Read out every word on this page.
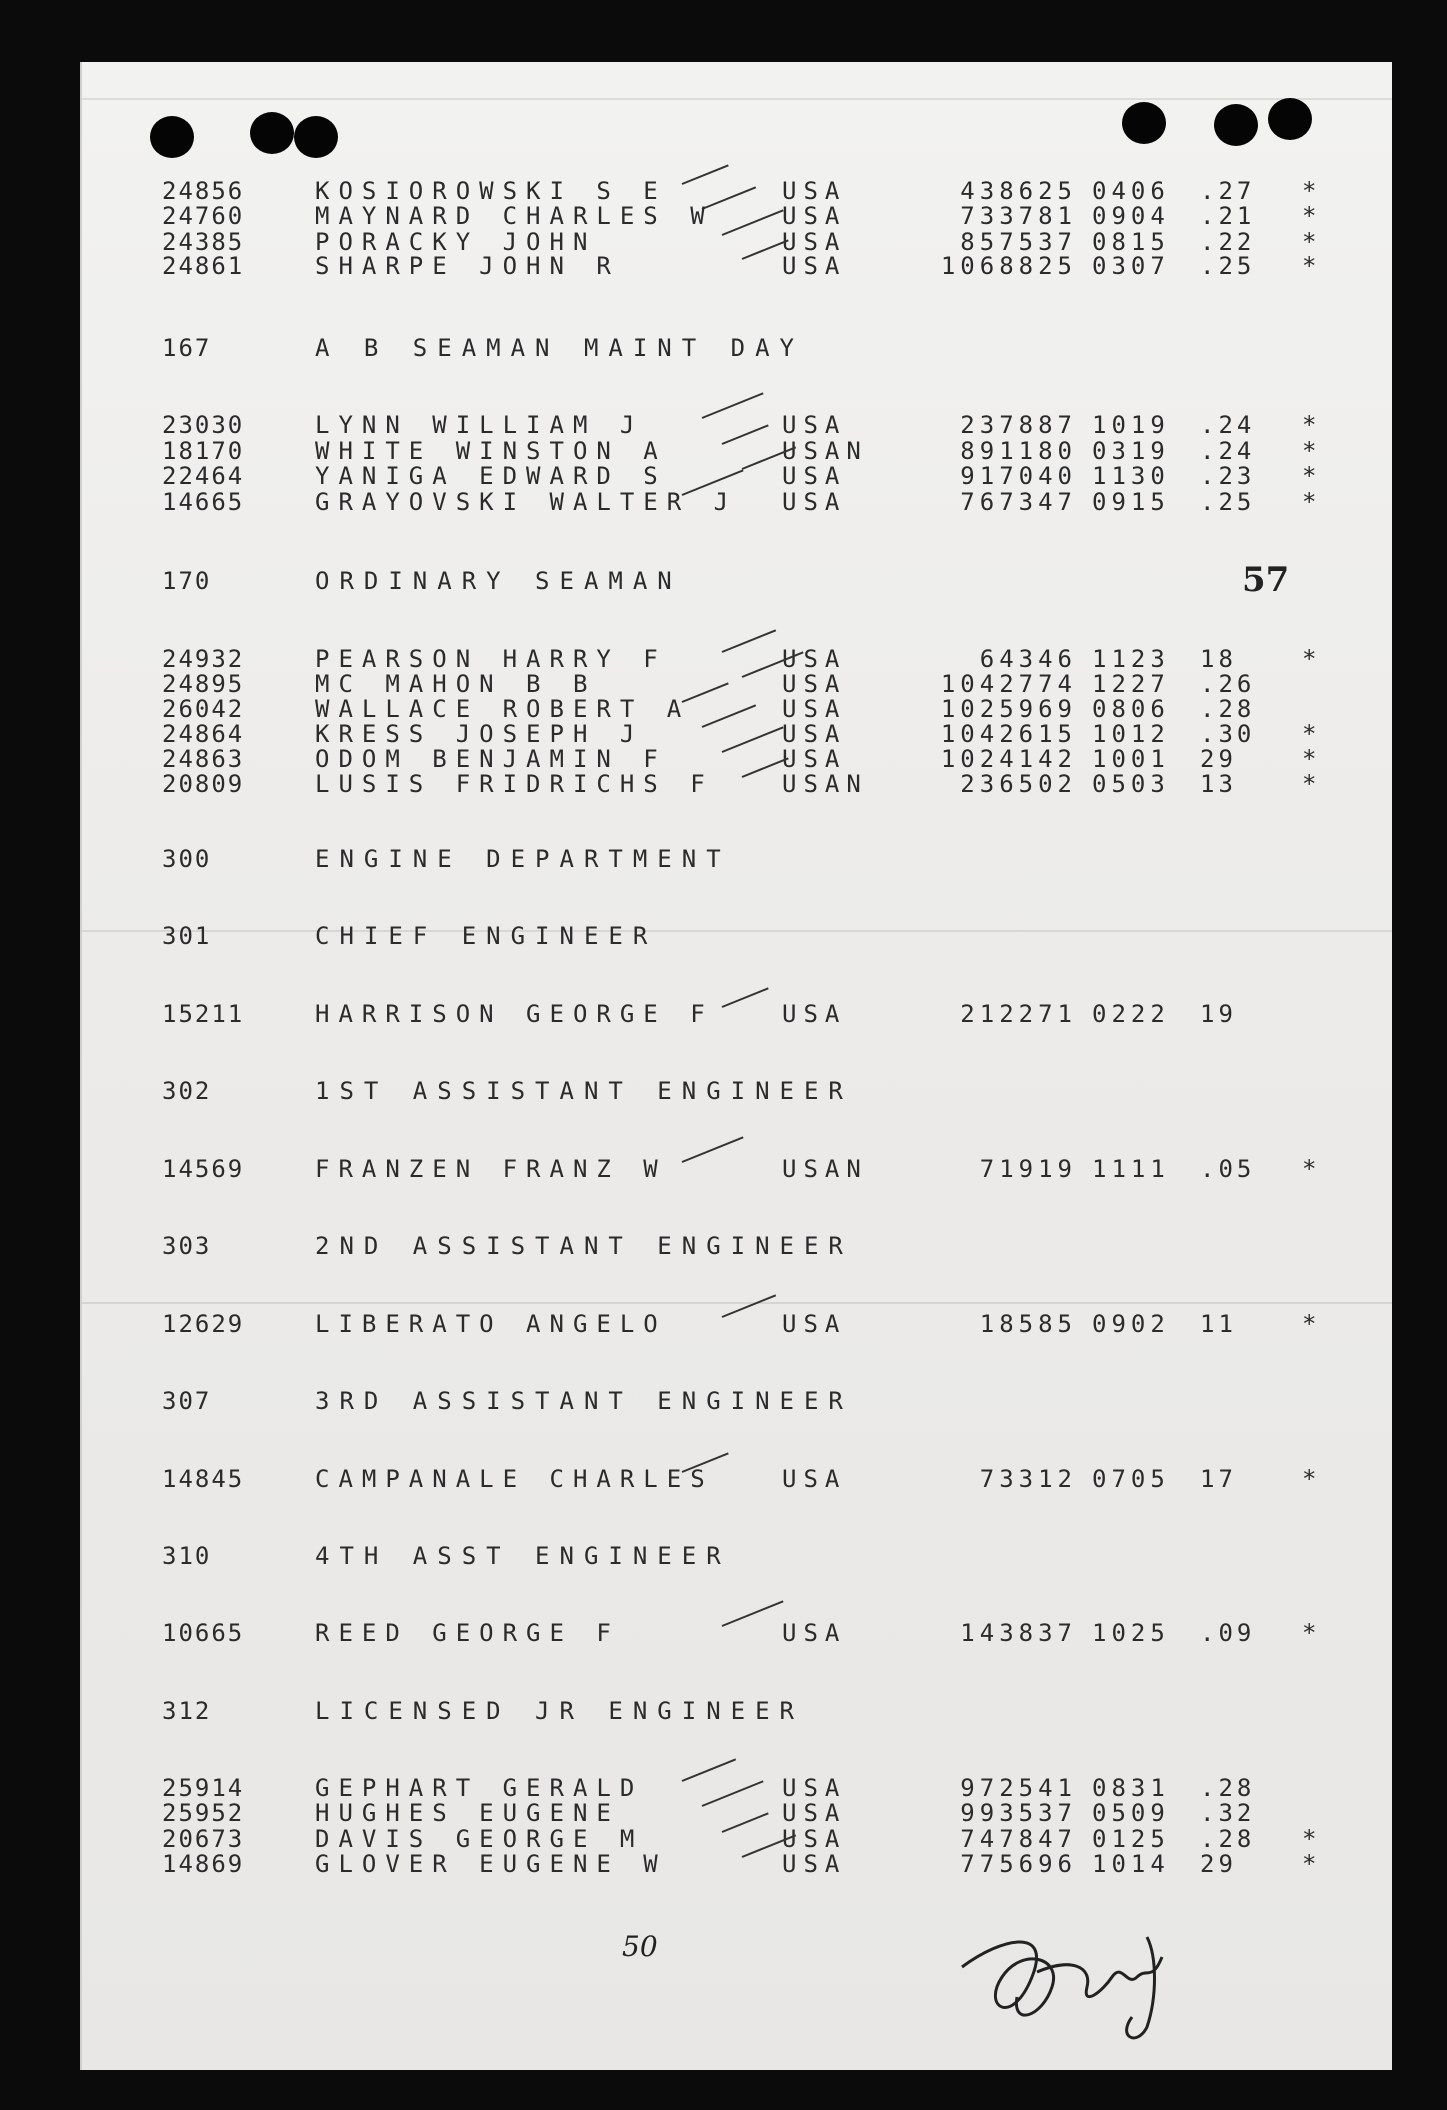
24856	KOSIOROWSKI S E	USA	438625 0406 .27 *
24760	MAYNARD CHARLES W	USA	733781 0904 .21 *
24385	PORACKY JOHN	USA	857537 0815 .22 *
24861	SHARPE JOHN R	USA	1068825 0307 .25 *
167	A B SEAMAN MAINT DAY
23030	LYNN WILLIAM J	USA	237887 1019 .24 *
18170	WHITE WINSTON A	USAN	891180 0319 .24 *
22464	YANIGA EDWARD S	USA	917040 1130 .23 *
14665	GRAYOVSKI WALTER J USA	767347 0915 .25 *
170	ORDINARY SEAMAN
24932	PEARSON HARRY F	USA	64346 1123 18	*
24895	MC MAHON B B	USA	1042774 1227 .26
26042	WALLACE ROBERT A	USA	1025969 0806 .28
24864	KRESS JOSEPH J	USA	1042615 1012 .30 *
24863	ODOM BENJAMIN F	USA	1024142 1001 29	*
20809	LUSIS FRIDRICHS F	USAN	236502 0503 13	*
300	ENGINE DEPARTMENT
301	CHIEF ENGINEER
15211	HARRISON GEORGE F	USA	212271 0222 19
302	1ST ASSISTANT ENGINEER
14569	FRANZEN FRANZ W	USAN	71919 1111 .05 *
303	2ND ASSISTANT ENGINEER
12629	LIBERATO ANGELO	USA	18585 0902 11	*
307	3RD ASSISTANT ENGINEER
14845	CAMPANALE CHARLES	USA	73312 0705 17	*
310	4TH ASST ENGINEER
10665	REED GEORGE F	USA	143837 1025 .09 *
312	LICENSED JR ENGINEER
25914	GEPHART GERALD	USA	972541 0831 .28
25952	HUGHES EUGENE	USA	993537 0509 .32
20673	DAVIS GEORGE M	USA	747847 0125 .28 *
14869	GLOVER EUGENE W	USA	775696 1014 29	*
57
50
